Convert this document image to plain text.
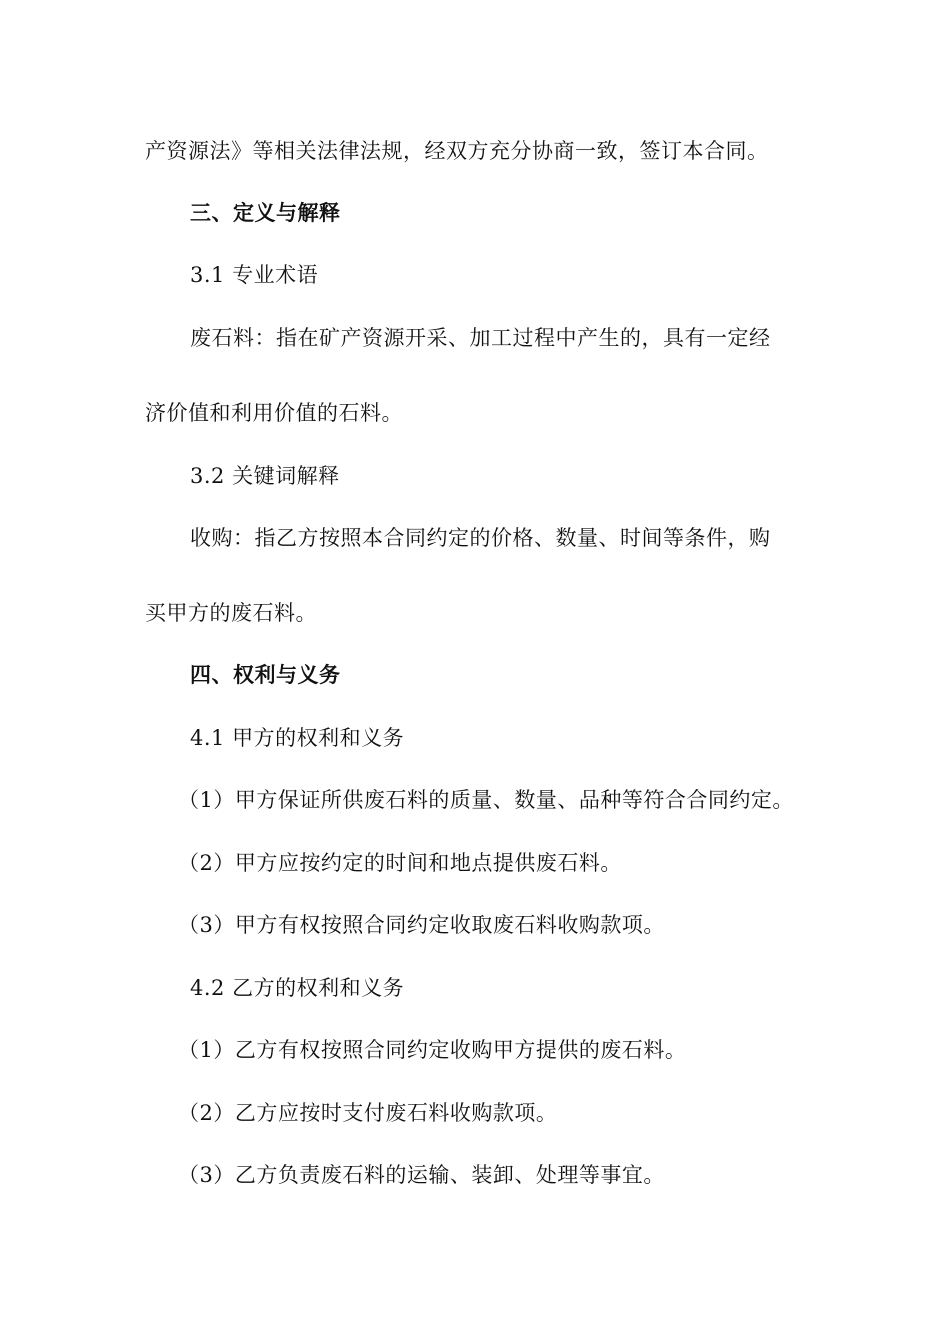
产资源法》等相关法律法规，经双方充分协商一致，签订本合同。
三、定义与解释
3.1 专业术语
废石料：指在矿产资源开采、加工过程中产生的，具有一定经
济价值和利用价值的石料。
3.2 关键词解释
收购：指乙方按照本合同约定的价格、数量、时间等条件，购
买甲方的废石料。
四、权利与义务
4.1 甲方的权利和义务
（1）甲方保证所供废石料的质量、数量、品种等符合合同约定。
（2）甲方应按约定的时间和地点提供废石料。
（3）甲方有权按照合同约定收取废石料收购款项。
4.2 乙方的权利和义务
（1）乙方有权按照合同约定收购甲方提供的废石料。
（2）乙方应按时支付废石料收购款项。
（3）乙方负责废石料的运输、装卸、处理等事宜。
